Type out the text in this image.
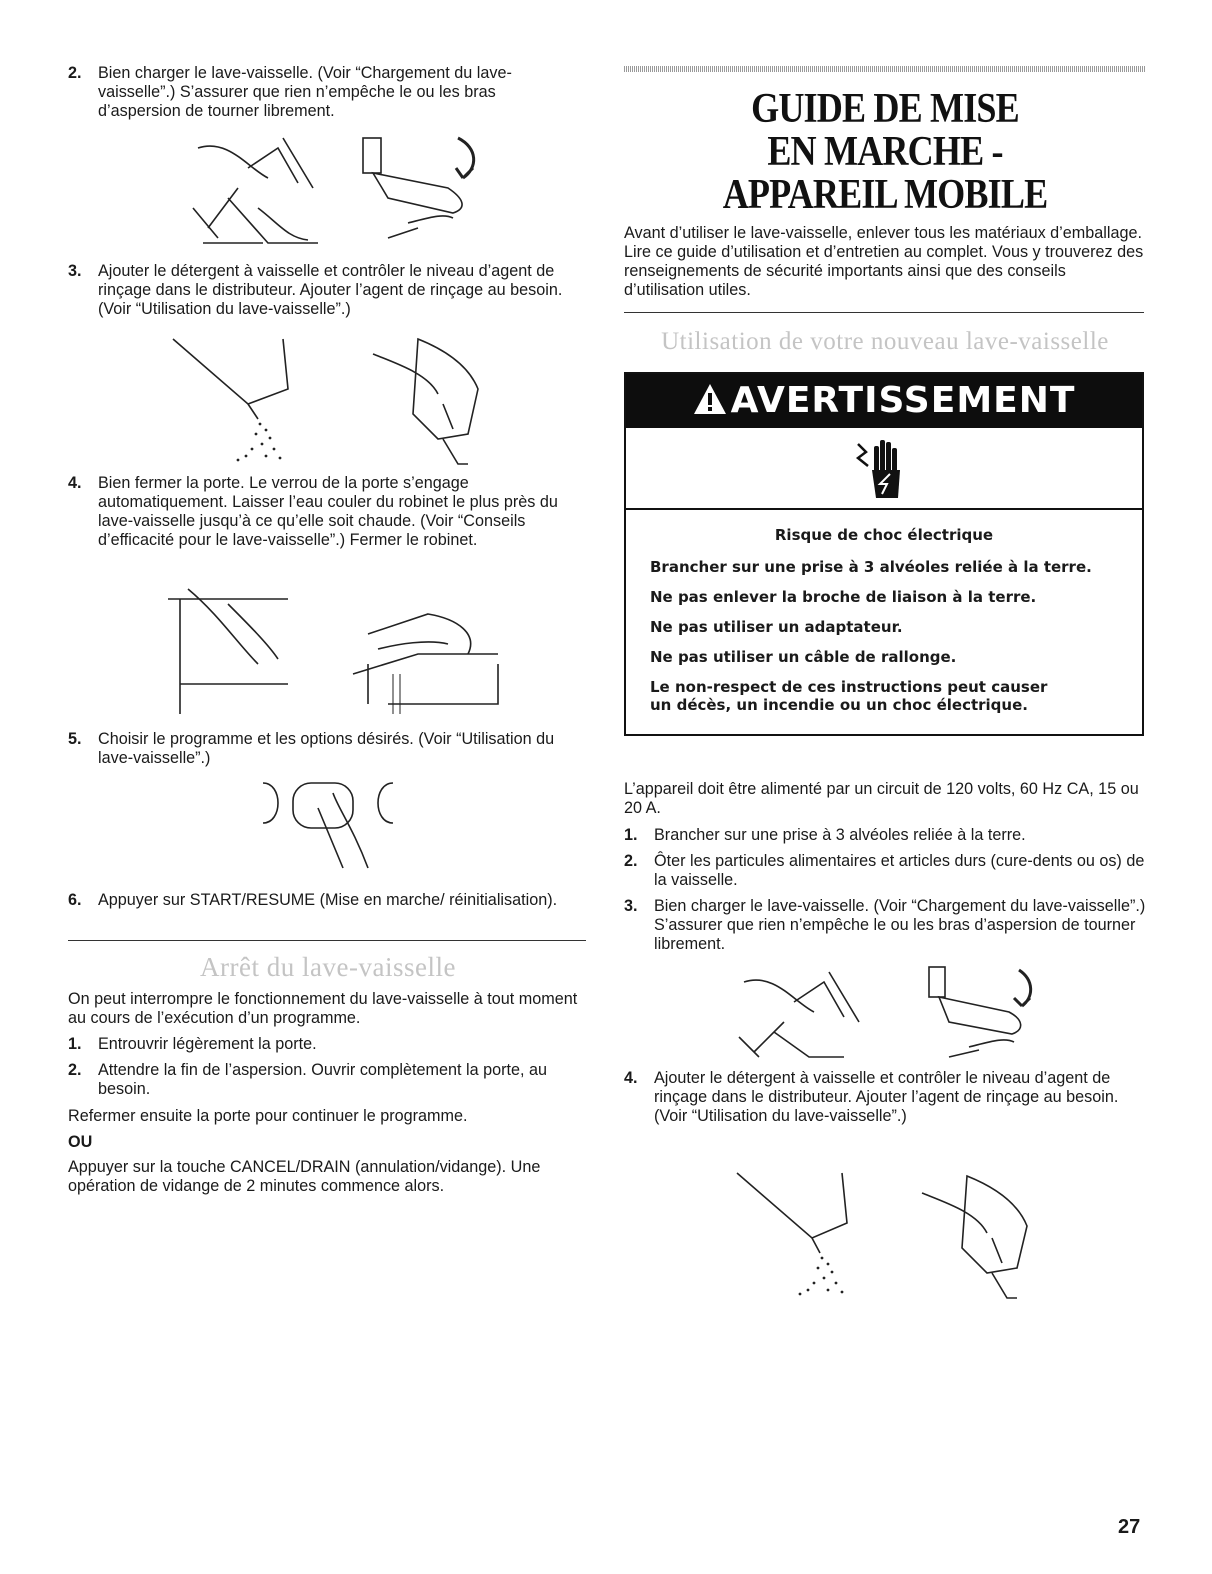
2. Bien charger le lave-vaisselle. (Voir “Chargement du lave-vaisselle”.) S’assurer que rien n’empêche le ou les bras d’aspersion de tourner librement.
3. Ajouter le détergent à vaisselle et contrôler le niveau d’agent de rinçage dans le distributeur. Ajouter l’agent de rinçage au besoin. (Voir “Utilisation du lave-vaisselle”.)
4. Bien fermer la porte. Le verrou de la porte s’engage automatiquement. Laisser l’eau couler du robinet le plus près du lave-vaisselle jusqu’à ce qu’elle soit chaude. (Voir “Conseils d’efficacité pour le lave-vaisselle”.) Fermer le robinet.
5. Choisir le programme et les options désirés. (Voir “Utilisation du lave-vaisselle”.)
6. Appuyer sur START/RESUME (Mise en marche/ réinitialisation).
Arrêt du lave-vaisselle
On peut interrompre le fonctionnement du lave-vaisselle à tout moment au cours de l’exécution d’un programme.
1. Entrouvrir légèrement la porte.
2. Attendre la fin de l’aspersion. Ouvrir complètement la porte, au besoin.
Refermer ensuite la porte pour continuer le programme.
OU
Appuyer sur la touche CANCEL/DRAIN (annulation/vidange). Une opération de vidange de 2 minutes commence alors.
GUIDE DE MISE
EN MARCHE -
APPAREIL MOBILE
Avant d’utiliser le lave-vaisselle, enlever tous les matériaux d’emballage. Lire ce guide d’utilisation et d’entretien au complet. Vous y trouverez des renseignements de sécurité importants ainsi que des conseils d’utilisation utiles.
Utilisation de votre nouveau lave-vaisselle
AVERTISSEMENT
Risque de choc électrique
Brancher sur une prise à 3 alvéoles reliée à la terre.
Ne pas enlever la broche de liaison à la terre.
Ne pas utiliser un adaptateur.
Ne pas utiliser un câble de rallonge.
Le non-respect de ces instructions peut causer
un décès, un incendie ou un choc électrique.
L’appareil doit être alimenté par un circuit de 120 volts, 60 Hz CA, 15 ou 20 A.
1. Brancher sur une prise à 3 alvéoles reliée à la terre.
2. Ôter les particules alimentaires et articles durs (cure-dents ou os) de la vaisselle.
3. Bien charger le lave-vaisselle. (Voir “Chargement du lave-vaisselle”.) S’assurer que rien n’empêche le ou les bras d’aspersion de tourner librement.
4. Ajouter le détergent à vaisselle et contrôler le niveau d’agent de rinçage dans le distributeur. Ajouter l’agent de rinçage au besoin. (Voir “Utilisation du lave-vaisselle”.)
27
